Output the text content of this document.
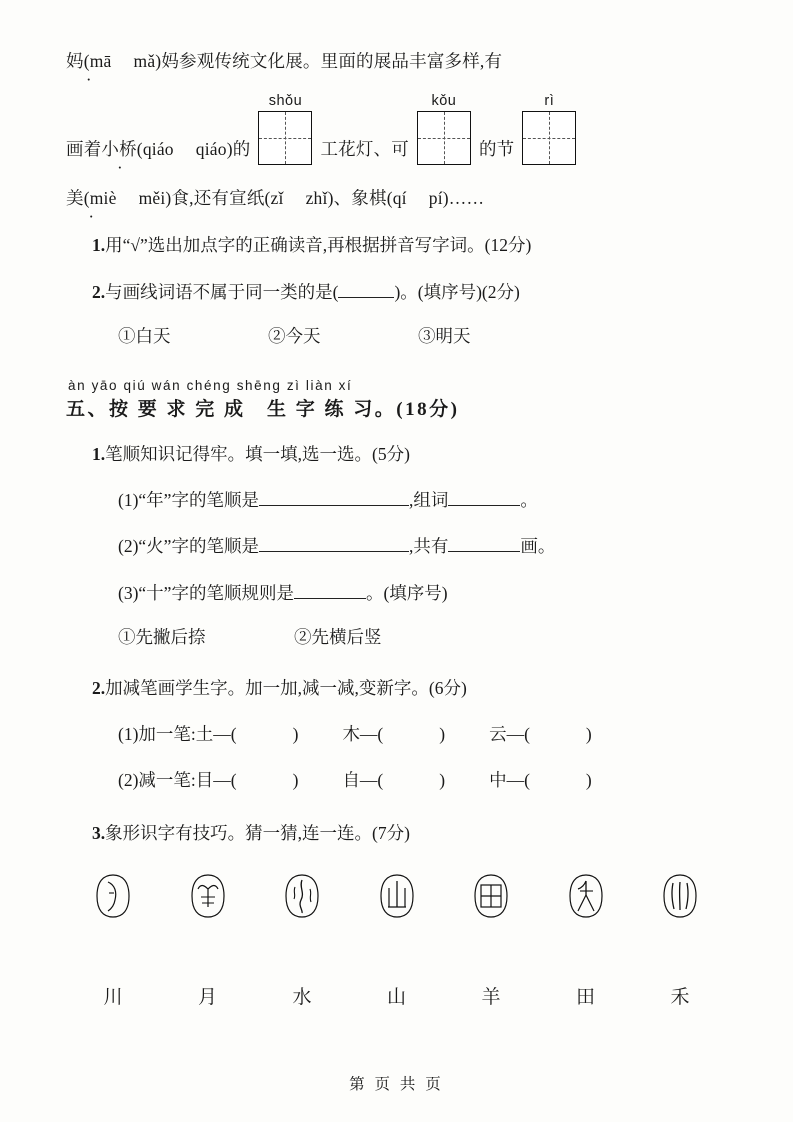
妈(mā · mǎ)妈参观传统文化展。里面的展品丰富多样,有
画着小桥(qiáo · qiáo)的
shǒu
工花灯、可
kǒu
的节
rì
美(miè · měi)食,还有宣纸(zǐ zhǐ)、象棋(qí pí)……
1.用“√”选出加点字的正确读音,再根据拼音写字词。(12分)
2.与画线词语不属于同一类的是(	)。(填序号)(2分)
①白天	②今天	③明天
àn yāo qiú wán chéng shēng zì liàn xí
五、按 要 求 完 成　生 字 练 习。(18分)
1.笔顺知识记得牢。填一填,选一选。(5分)
(1)“年”字的笔顺是	,组词	。
(2)“火”字的笔顺是	,共有	画。
(3)“十”字的笔顺规则是	。(填序号)
①先撇后捺	②先横后竖
2.加减笔画学生字。加一加,减一减,变新字。(6分)
(1)加一笔:土—(	)	木—(	)	云—(	)
(2)减一笔:目—(	)	自—(	)	中—(	)
3.象形识字有技巧。猜一猜,连一连。(7分)
川	月	水	山	羊	田	禾
第 页 共 页
